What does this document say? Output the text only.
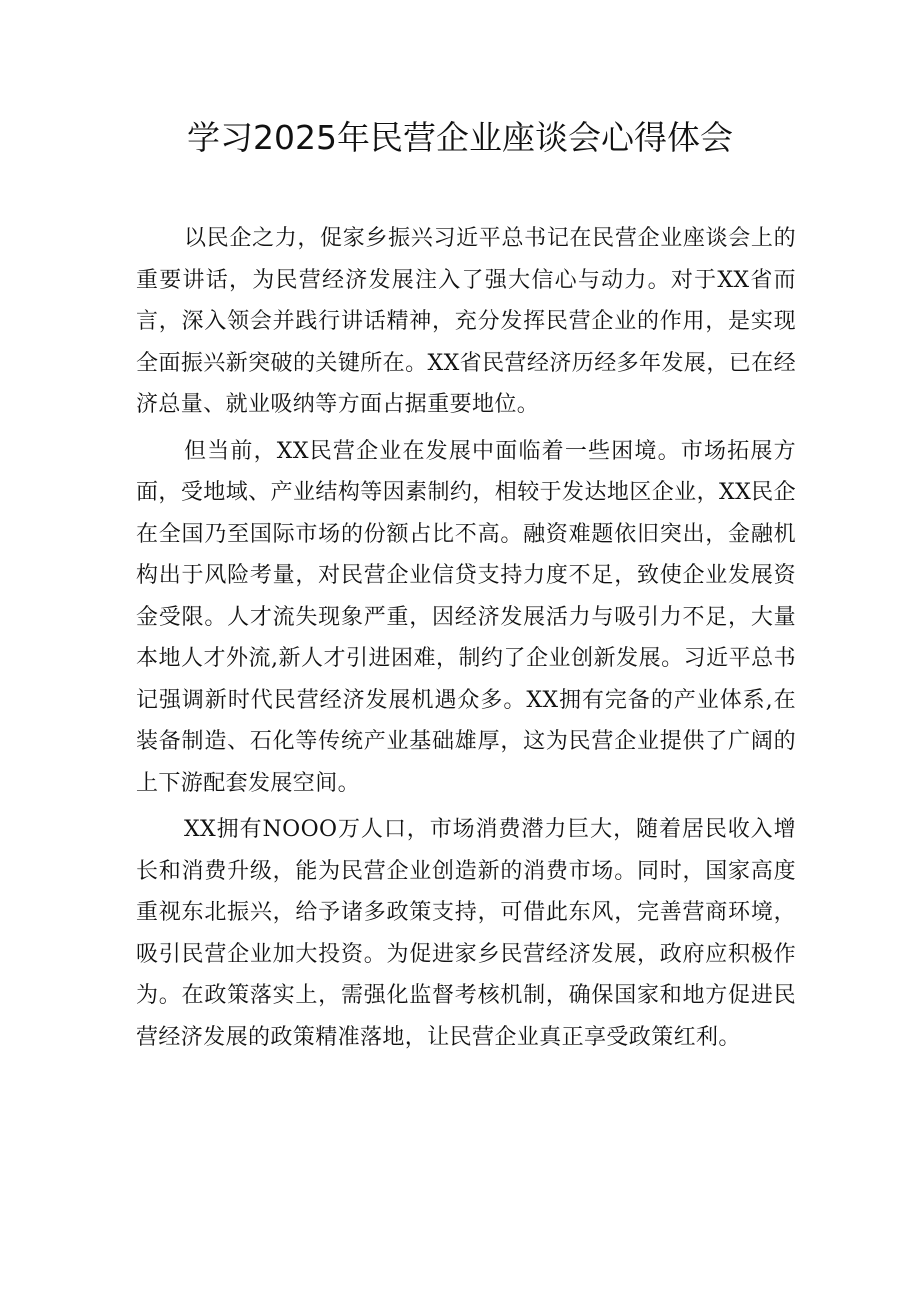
学习2025年民营企业座谈会心得体会

以民企之力，促家乡振兴习近平总书记在民营企业座谈会上的重要讲话，为民营经济发展注入了强大信心与动力。对于XX省而言，深入领会并践行讲话精神，充分发挥民营企业的作用，是实现全面振兴新突破的关键所在。XX省民营经济历经多年发展，已在经济总量、就业吸纳等方面占据重要地位。

但当前，XX民营企业在发展中面临着一些困境。市场拓展方面，受地域、产业结构等因素制约，相较于发达地区企业，XX民企在全国乃至国际市场的份额占比不高。融资难题依旧突出，金融机构出于风险考量，对民营企业信贷支持力度不足，致使企业发展资金受限。人才流失现象严重，因经济发展活力与吸引力不足，大量本地人才外流,新人才引进困难，制约了企业创新发展。习近平总书记强调新时代民营经济发展机遇众多。XX拥有完备的产业体系,在装备制造、石化等传统产业基础雄厚，这为民营企业提供了广阔的上下游配套发展空间。

XX拥有NOOO万人口，市场消费潜力巨大，随着居民收入增长和消费升级，能为民营企业创造新的消费市场。同时，国家高度重视东北振兴，给予诸多政策支持，可借此东风，完善营商环境，吸引民营企业加大投资。为促进家乡民营经济发展，政府应积极作为。在政策落实上，需强化监督考核机制，确保国家和地方促进民营经济发展的政策精准落地，让民营企业真正享受政策红利。
